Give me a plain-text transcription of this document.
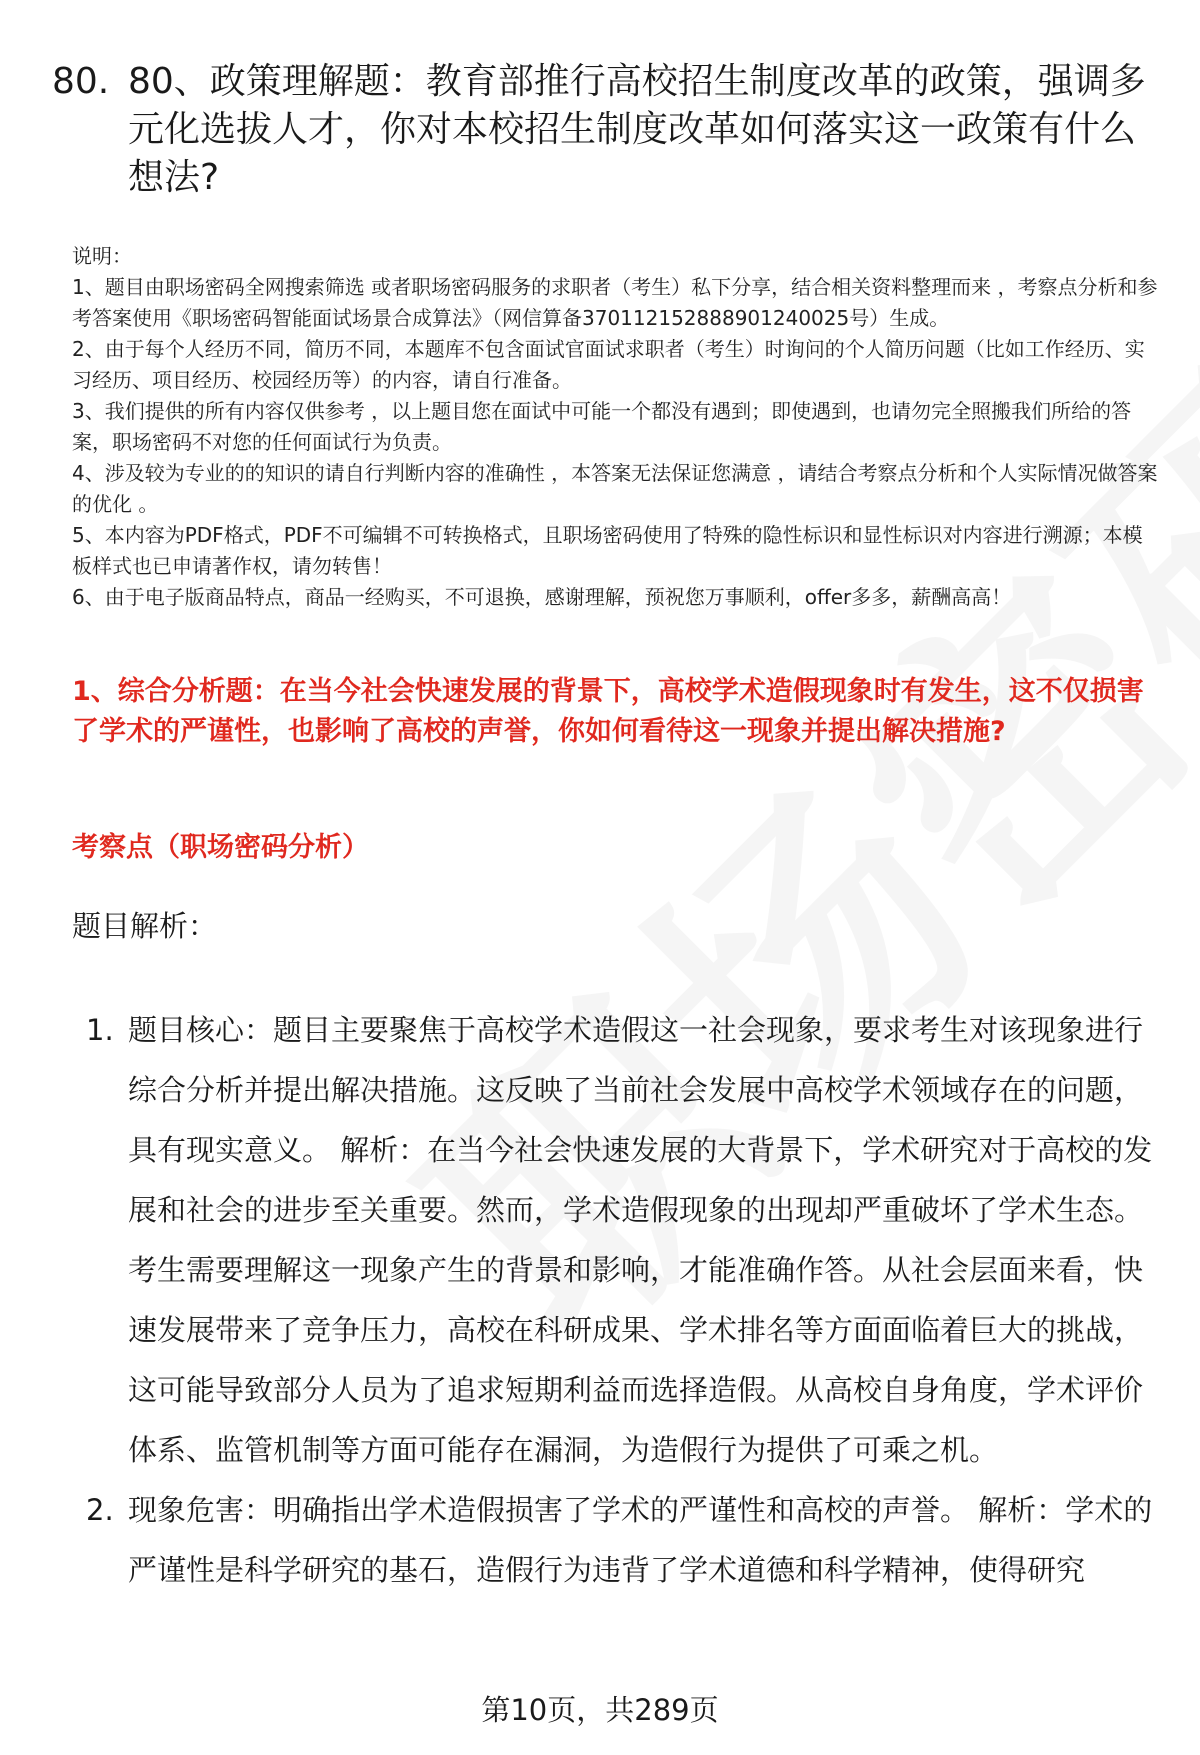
80. 80、政策理解题：教育部推行高校招生制度改革的政策，强调多元化选拔人才，你对本校招生制度改革如何落实这一政策有什么想法?

说明：

1、题目由职场密码全网搜索筛选 或者职场密码服务的求职者（考生）私下分享，结合相关资料整理而来 ，考察点分析和参考答案使用《职场密码智能面试场景合成算法》（网信算备370112152888901240025号）生成。

2、由于每个人经历不同，简历不同，本题库不包含面试官面试求职者（考生）时询问的个人简历问题（比如工作经历、实习经历、项目经历、校园经历等）的内容，请自行准备。

3、我们提供的所有内容仅供参考 ，以上题目您在面试中可能一个都没有遇到；即使遇到，也请勿完全照搬我们所给的答案，职场密码不对您的任何面试行为负责。

4、涉及较为专业的的知识的请自行判断内容的准确性 ，本答案无法保证您满意 ，请结合考察点分析和个人实际情况做答案的优化 。

5、本内容为PDF格式，PDF不可编辑不可转换格式，且职场密码使用了特殊的隐性标识和显性标识对内容进行溯源；本模板样式也已申请著作权，请勿转售！

6、由于电子版商品特点，商品一经购买，不可退换，感谢理解，预祝您万事顺利，offer多多，薪酬高高！

1、综合分析题：在当今社会快速发展的背景下，高校学术造假现象时有发生，这不仅损害了学术的严谨性，也影响了高校的声誉，你如何看待这一现象并提出解决措施?
考察点（职场密码分析）
题目解析：
1. 题目核心：题目主要聚焦于高校学术造假这一社会现象，要求考生对该现象进行综合分析并提出解决措施。这反映了当前社会发展中高校学术领域存在的问题，具有现实意义。 解析：在当今社会快速发展的大背景下，学术研究对于高校的发展和社会的进步至关重要。然而，学术造假现象的出现却严重破坏了学术生态。考生需要理解这一现象产生的背景和影响，才能准确作答。从社会层面来看，快速发展带来了竞争压力，高校在科研成果、学术排名等方面面临着巨大的挑战，这可能导致部分人员为了追求短期利益而选择造假。从高校自身角度，学术评价体系、监管机制等方面可能存在漏洞，为造假行为提供了可乘之机。
2. 现象危害：明确指出学术造假损害了学术的严谨性和高校的声誉。 解析：学术的严谨性是科学研究的基石，造假行为违背了学术道德和科学精神，使得研究
第10页，共289页
